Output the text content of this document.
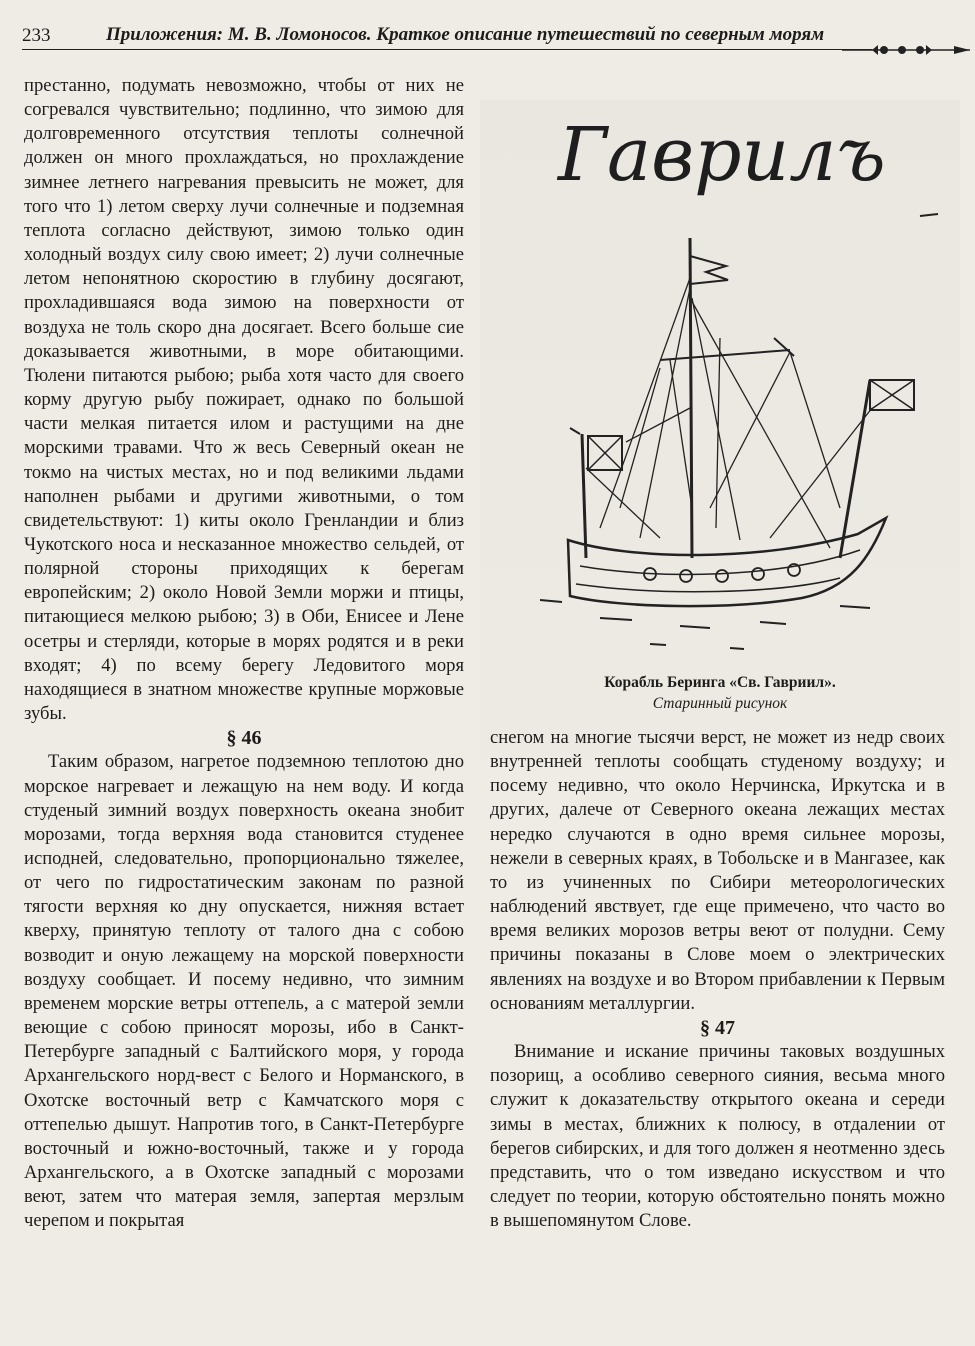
233	Приложения: М. В. Ломоносов. Краткое описание путешествий по северным морям

престанно, подумать невозможно, чтобы от них не согревался чувствительно; подлинно, что зимою для долговременного отсутствия теплоты солнечной должен он много прохлаждаться, но прохлаждение зимнее летнего нагревания превысить не может, для того что 1) летом сверху лучи солнечные и подземная теплота согласно действуют, зимою только один холодный воздух силу свою имеет; 2) лучи солнечные летом непонятною скоростию в глубину досягают, прохладившаяся вода зимою на поверхности от воздуха не толь скоро дна досягает. Всего больше сие доказывается животными, в море обитающими. Тюлени питаются рыбою; рыба хотя часто для своего корму другую рыбу пожирает, однако по большой части мелкая питается илом и растущими на дне морскими травами. Что ж весь Северный океан не токмо на чистых местах, но и под великими льдами наполнен рыбами и другими животными, о том свидетельствуют: 1) киты около Гренландии и близ Чукотского носа и несказанное множество сельдей, от полярной стороны приходящих к берегам европейским; 2) около Новой Земли моржи и птицы, питающиеся мелкою рыбою; 3) в Оби, Енисее и Лене осетры и стерляди, которые в морях родятся и в реки входят; 4) по всему берегу Ледовитого моря находящиеся в знатном множестве крупные моржовые зубы.

§ 46

Таким образом, нагретое подземною теплотою дно морское нагревает и лежащую на нем воду. И когда студеный зимний воздух поверхность океана знобит морозами, тогда верхняя вода становится студенее исподней, следовательно, пропорционально тяжелее, от чего по гидростатическим законам по разной тягости верхняя ко дну опускается, нижняя встает кверху, принятую теплоту от талого дна с собою возводит и оную лежащему на морской поверхности воздуху сообщает. И посему недивно, что зимним временем морские ветры оттепель, а с матерой земли веющие с собою приносят морозы, ибо в Санкт-Петербурге западный с Балтийского моря, у города Архангельского норд-вест с Белого и Норманского, в Охотске восточный ветр с Камчатского моря с оттепелью дышут. Напротив того, в Санкт-Петербурге восточный и южно-восточный, также и у города Архангельского, а в Охотске западный с морозами веют, затем что матерая земля, запертая мерзлым черепом и покрытая

Гаврилъ
Корабль Беринга «Св. Гавриил».
Старинный рисунок

снегом на многие тысячи верст, не может из недр своих внутренней теплоты сообщать студеному воздуху; и посему недивно, что около Нерчинска, Иркутска и в других, далече от Северного океана лежащих местах нередко случаются в одно время сильнее морозы, нежели в северных краях, в Тобольске и в Мангазее, как то из учиненных по Сибири метеорологических наблюдений явствует, где еще примечено, что часто во время великих морозов ветры веют от полудни. Сему причины показаны в Слове моем о электрических явлениях на воздухе и во Втором прибавлении к Первым основаниям металлургии.

§ 47

Внимание и искание причины таковых воздушных позорищ, а особливо северного сияния, весьма много служит к доказательству открытого океана и середи зимы в местах, ближних к полюсу, в отдалении от берегов сибирских, и для того должен я неотменно здесь представить, что о том изведано искусством и что следует по теории, которую обстоятельно понять можно в вышепомянутом Слове.
